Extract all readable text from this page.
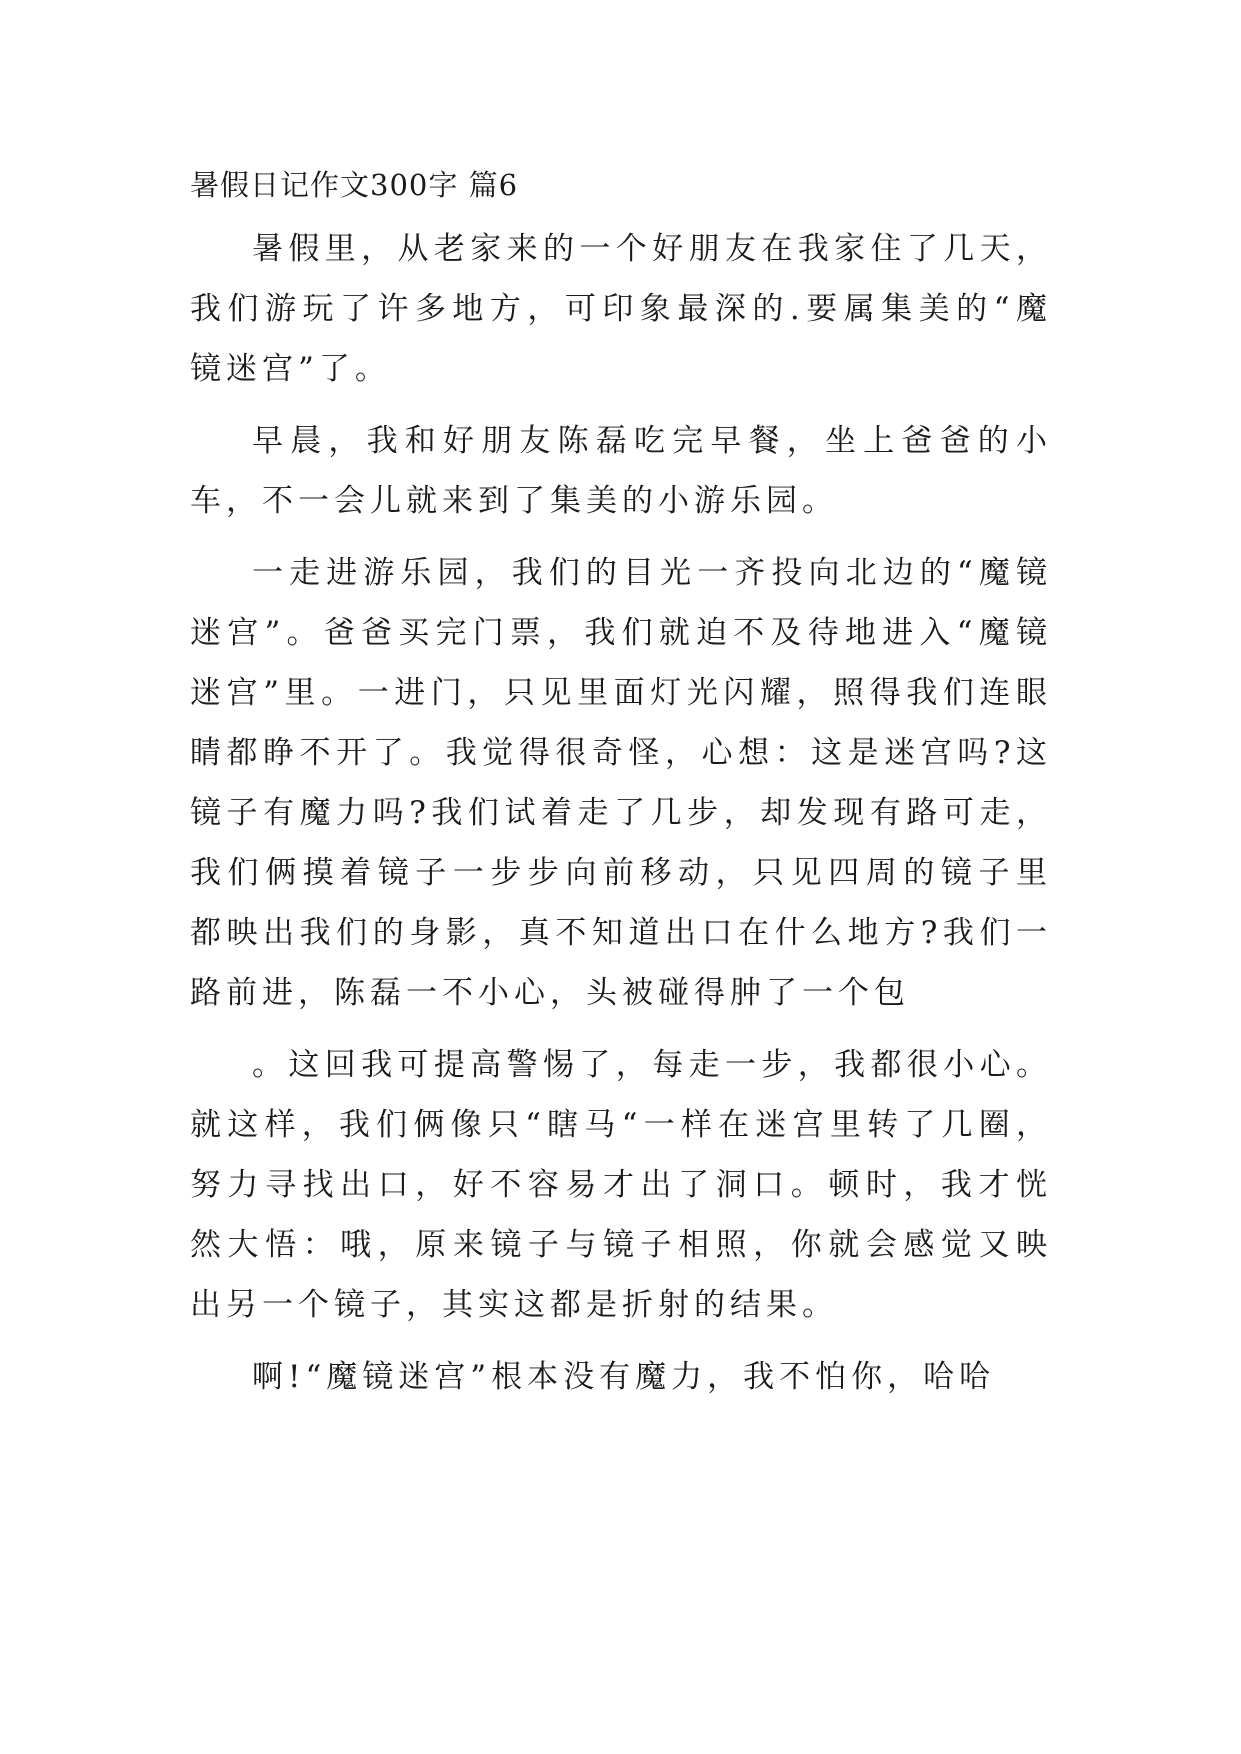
暑假日记作文300字 篇6

暑假里，从老家来的一个好朋友在我家住了几天，我们游玩了许多地方，可印象最深的.要属集美的“魔镜迷宫”了。

早晨，我和好朋友陈磊吃完早餐，坐上爸爸的小车，不一会儿就来到了集美的小游乐园。

一走进游乐园，我们的目光一齐投向北边的“魔镜迷宫”。爸爸买完门票，我们就迫不及待地进入“魔镜迷宫”里。一进门，只见里面灯光闪耀，照得我们连眼睛都睁不开了。我觉得很奇怪，心想：这是迷宫吗?这镜子有魔力吗?我们试着走了几步，却发现有路可走，我们俩摸着镜子一步步向前移动，只见四周的镜子里都映出我们的身影，真不知道出口在什么地方?我们一路前进，陈磊一不小心，头被碰得肿了一个包

。这回我可提高警惕了，每走一步，我都很小心。就这样，我们俩像只“瞎马“一样在迷宫里转了几圈，努力寻找出口，好不容易才出了洞口。顿时，我才恍然大悟：哦，原来镜子与镜子相照，你就会感觉又映出另一个镜子，其实这都是折射的结果。

啊!“魔镜迷宫”根本没有魔力，我不怕你，哈哈
